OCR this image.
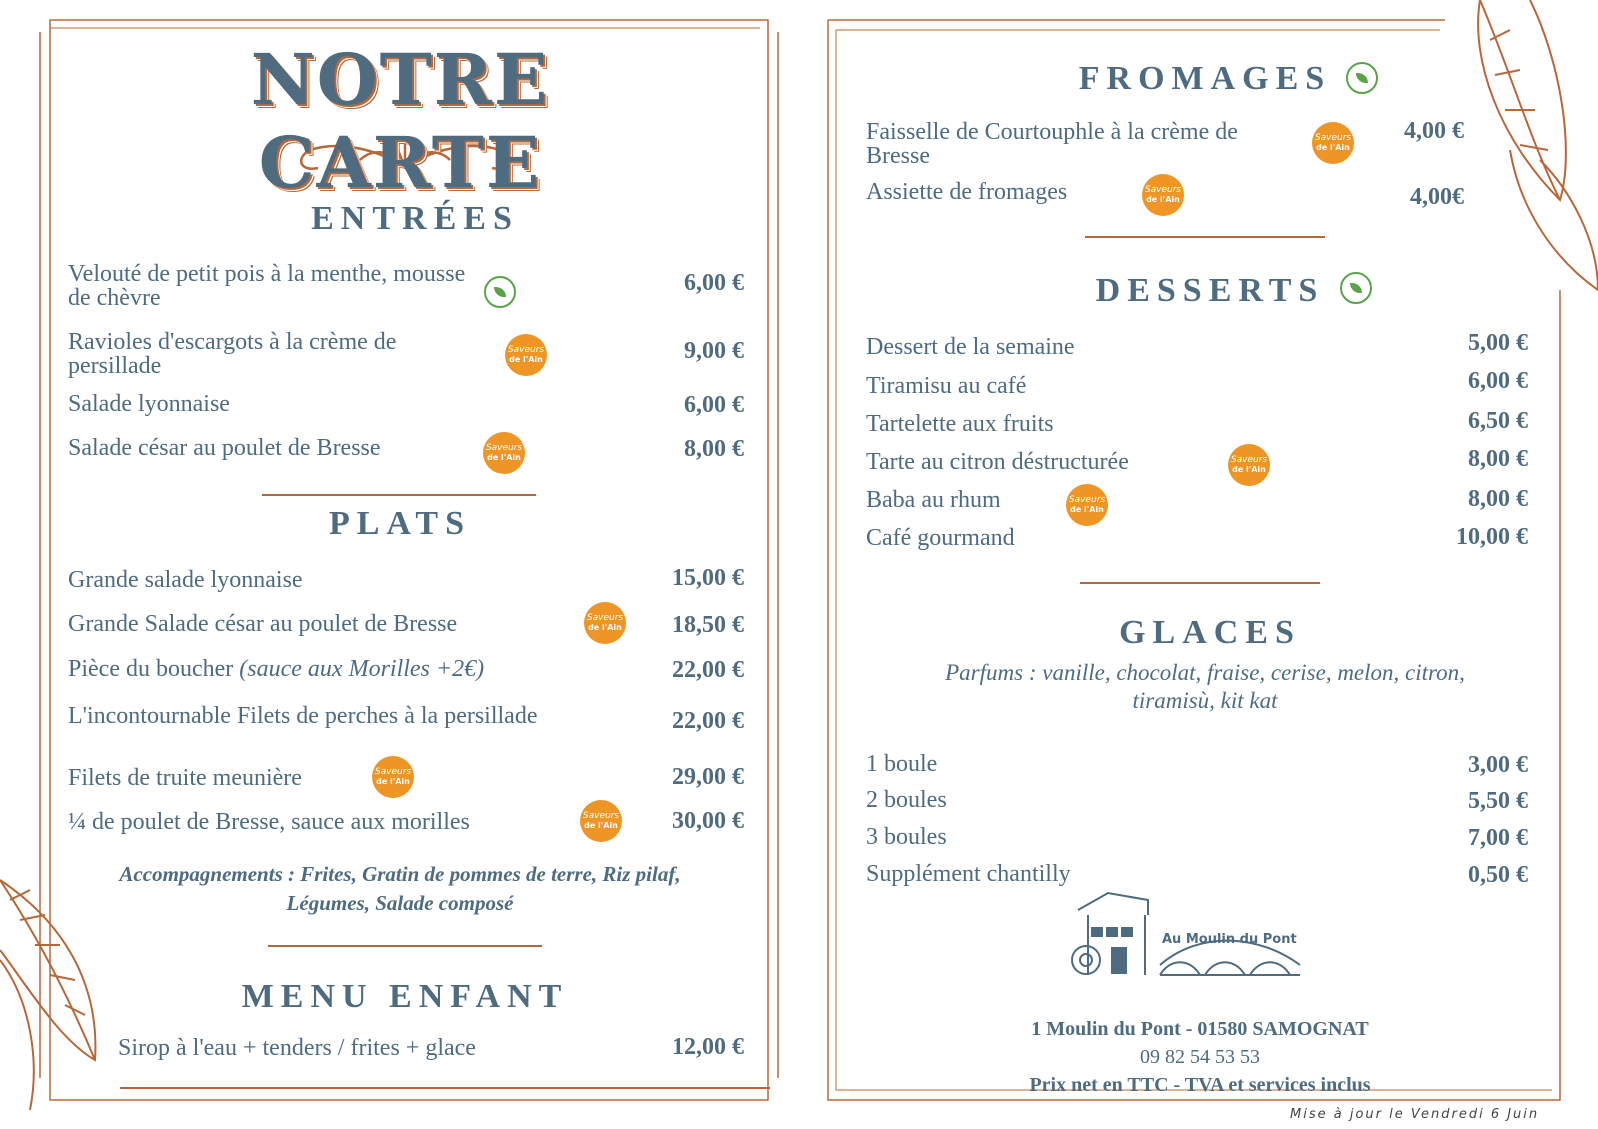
NOTRE CARTE
ENTRÉES
Velouté de petit pois à la menthe, mousse de chèvre
6,00 €
Ravioles d'escargots à la crème de persillade
Saveurs
de l'Ain	9,00 €
Salade lyonnaise	6,00 €
Salade césar au poulet de Bresse	Saveurs
de l'Ain	8,00 €
PLATS
Grande salade lyonnaise	15,00 €
Grande Salade césar au poulet de Bresse	Saveurs
de l'Ain	18,50 €
Pièce du boucher (sauce aux Morilles +2€)	22,00 €
L'incontournable Filets de perches à la persillade	22,00 €
Filets de truite meunière	Saveurs
de l'Ain	29,00 €
¼ de poulet de Bresse, sauce aux morilles	Saveurs
de l'Ain	30,00 €
Accompagnements : Frites, Gratin de pommes de terre, Riz pilaf,
Légumes, Salade composé
MENU ENFANT
Sirop à l'eau + tenders / frites + glace	12,00 €
FROMAGES
Faisselle de Courtouphle à la crème de Bresse
Saveurs
de l'Ain
4,00 €
Assiette de fromages	Saveurs
de l'Ain	4,00€
DESSERTS
Dessert de la semaine	5,00 €
Tiramisu au café	6,00 €
Tartelette aux fruits	6,50 €
Tarte au citron déstructurée	Saveurs
de l'Ain	8,00 €
Baba au rhum	Saveurs
de l'Ain	8,00 €
Café gourmand	10,00 €
GLACES
Parfums : vanille, chocolat, fraise, cerise, melon, citron,
tiramisù, kit kat
1 boule	3,00 €
2 boules	5,50 €
3 boules	7,00 €
Supplément chantilly	0,50 €
Au Moulin du Pont
1 Moulin du Pont - 01580 SAMOGNAT
09 82 54 53 53
Prix net en TTC - TVA et services inclus
Mise à jour le Vendredi 6 Juin
